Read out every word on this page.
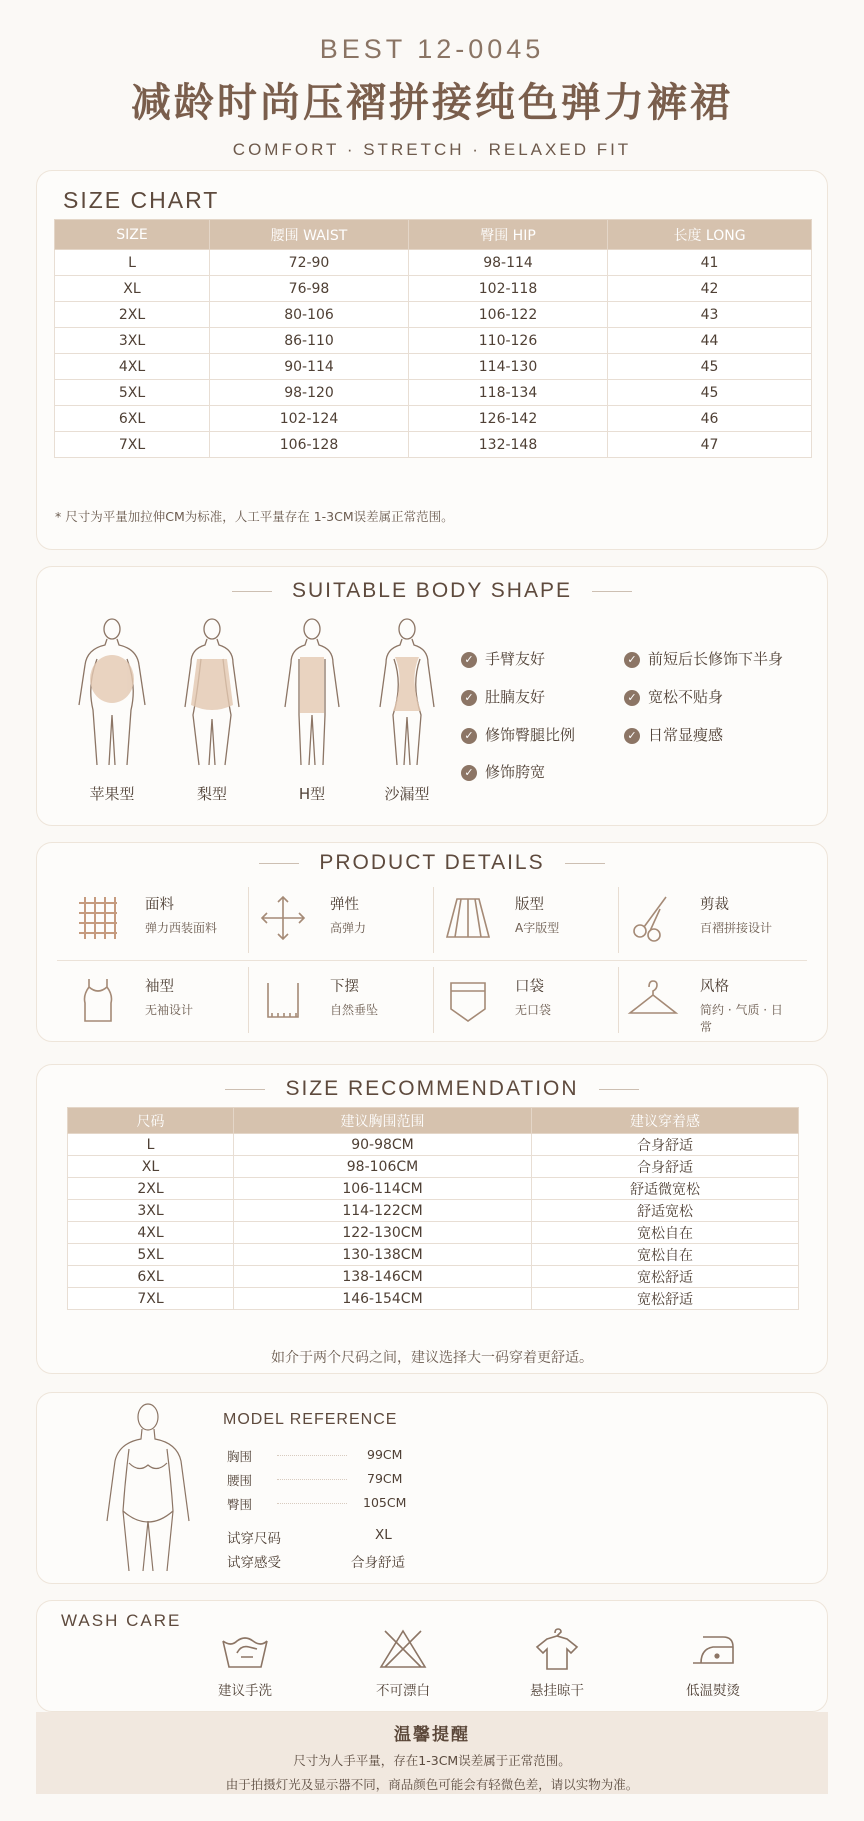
BEST 12-0045
减龄时尚压褶拼接纯色弹力裤裙
COMFORT · STRETCH · RELAXED FIT
SIZE CHART
SIZE	腰围 WAIST	臀围 HIP	长度 LONG
L	72-90	98-114	41
XL	76-98	102-118	42
2XL	80-106	106-122	43
3XL	86-110	110-126	44
4XL	90-114	114-130	45
5XL	98-120	118-134	45
6XL	102-124	126-142	46
7XL	106-128	132-148	47
* 尺寸为平量加拉伸CM为标准，人工平量存在 1-3CM误差属正常范围。
SUITABLE BODY SHAPE
苹果型	梨型	H型	沙漏型
✓ 手臂友好
✓ 肚腩友好
✓ 修饰臀腿比例
✓ 修饰胯宽
✓ 前短后长修饰下半身
✓ 宽松不贴身
✓ 日常显瘦感
PRODUCT DETAILS
面料
弹力西装面料
弹性
高弹力
版型
A字版型
剪裁
百褶拼接设计
袖型
无袖设计
下摆
自然垂坠
口袋
无口袋
风格
简约 · 气质 · 日常
SIZE RECOMMENDATION
尺码	建议胸围范围	建议穿着感
L	90-98CM	合身舒适
XL	98-106CM	合身舒适
2XL	106-114CM	舒适微宽松
3XL	114-122CM	舒适宽松
4XL	122-130CM	宽松自在
5XL	130-138CM	宽松自在
6XL	138-146CM	宽松舒适
7XL	146-154CM	宽松舒适
如介于两个尺码之间，建议选择大一码穿着更舒适。
MODEL REFERENCE
胸围	99CM
腰围	79CM
臀围	105CM
试穿尺码	XL
试穿感受	合身舒适
WASH CARE
建议手洗	不可漂白	悬挂晾干	低温熨烫
温馨提醒
尺寸为人手平量，存在1-3CM误差属于正常范围。
由于拍摄灯光及显示器不同，商品颜色可能会有轻微色差，请以实物为准。
